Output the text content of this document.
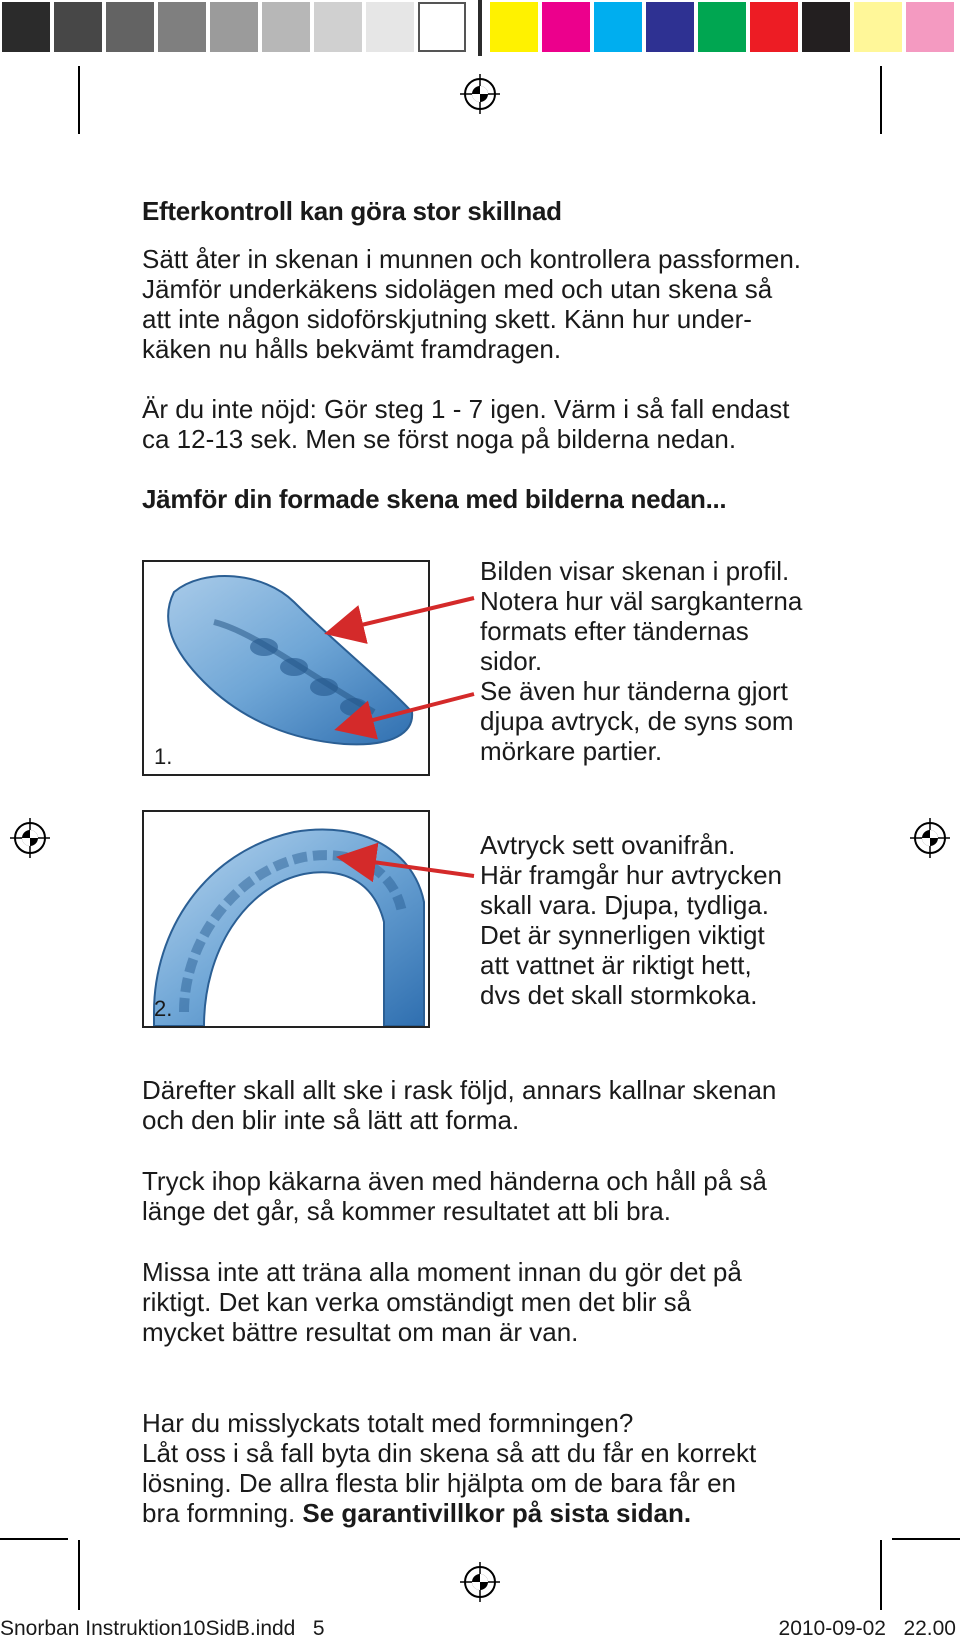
Efterkontroll kan göra stor skillnad

Sätt åter in skenan i munnen och kontrollera passformen.
Jämför underkäkens sidolägen med och utan skena så
att inte någon sidoförskjutning skett. Känn hur under-
käken nu hålls bekvämt framdragen.

Är du inte nöjd: Gör steg 1 - 7 igen. Värm i så fall endast
ca 12-13 sek. Men se först noga på bilderna nedan.

Jämför din formade skena med bilderna nedan...
1.

Bilden visar skenan i profil.
Notera hur väl sargkanterna
formats efter tändernas
sidor.
Se även hur tänderna gjort
djupa avtryck, de syns som
mörkare partier.

2.

Avtryck sett ovanifrån.
Här framgår hur avtrycken
skall vara. Djupa, tydliga.
Det är synnerligen viktigt
att vattnet är riktigt hett,
dvs det skall stormkoka.

Därefter skall allt ske i rask följd, annars kallnar skenan
och den blir inte så lätt att forma.

Tryck ihop käkarna även med händerna och håll på så
länge det går, så kommer resultatet att bli bra.

Missa inte att träna alla moment innan du gör det på
riktigt. Det kan verka omständigt men det blir så
mycket bättre resultat om man är van.

Har du misslyckats totalt med formningen?
Låt oss i så fall byta din skena så att du får en korrekt
lösning. De allra flesta blir hjälpta om de bara får en
bra formning. Se garantivillkor på sista sidan.

Snorban Instruktion10SidB.indd   5	2010-09-02   22.00
